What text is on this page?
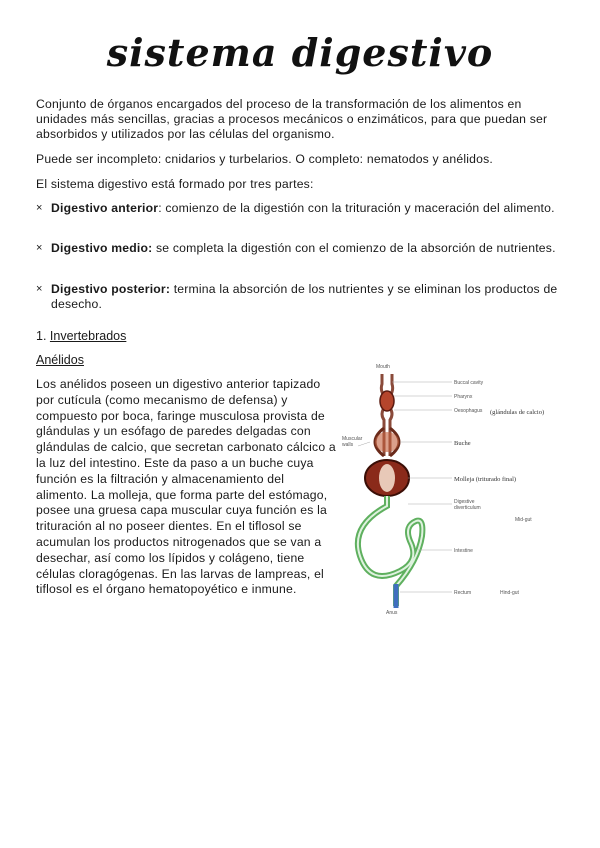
sistema digestivo
Conjunto de órganos encargados del proceso de la transformación de los alimentos en unidades más sencillas, gracias a procesos mecánicos o enzimáticos, para que puedan ser absorbidos y utilizados por las células del organismo.
Puede ser incompleto: cnidarios y turbelarios. O completo: nematodos y anélidos.
El sistema digestivo está formado por tres partes:
× Digestivo anterior: comienzo de la digestión con la trituración y maceración del alimento.
× Digestivo medio: se completa la digestión con el comienzo de la absorción de nutrientes.
× Digestivo posterior: termina la absorción de los nutrientes y se eliminan los productos de desecho.
1. Invertebrados
Anélidos
Los anélidos poseen un digestivo anterior tapizado por cutícula (como mecanismo de defensa) y compuesto por boca, faringe musculosa provista de glándulas y un esófago de paredes delgadas con glándulas de calcio, que secretan carbonato cálcico a la luz del intestino. Este da paso a un buche cuya función es la filtración y almacenamiento del alimento. La molleja, que forma parte del estómago, posee una gruesa capa muscular cuya función es la trituración al no poseer dientes. En el tiflosol se acumulan los productos nitrogenados que se van a desechar, así como los lípidos y colágeno, tiene células cloragógenas. En las larvas de lampreas, el tiflosol es el órgano hematopoyético e inmune.
Mouth
Buccal cavity
Pharynx
Oesophagus (glándulas de calcio)
Muscular
walls	Buche
Molleja (triturado final)
Digestive
diverticulum
Mid-gut
Intestine
Rectum	Hind-gut
Anus
